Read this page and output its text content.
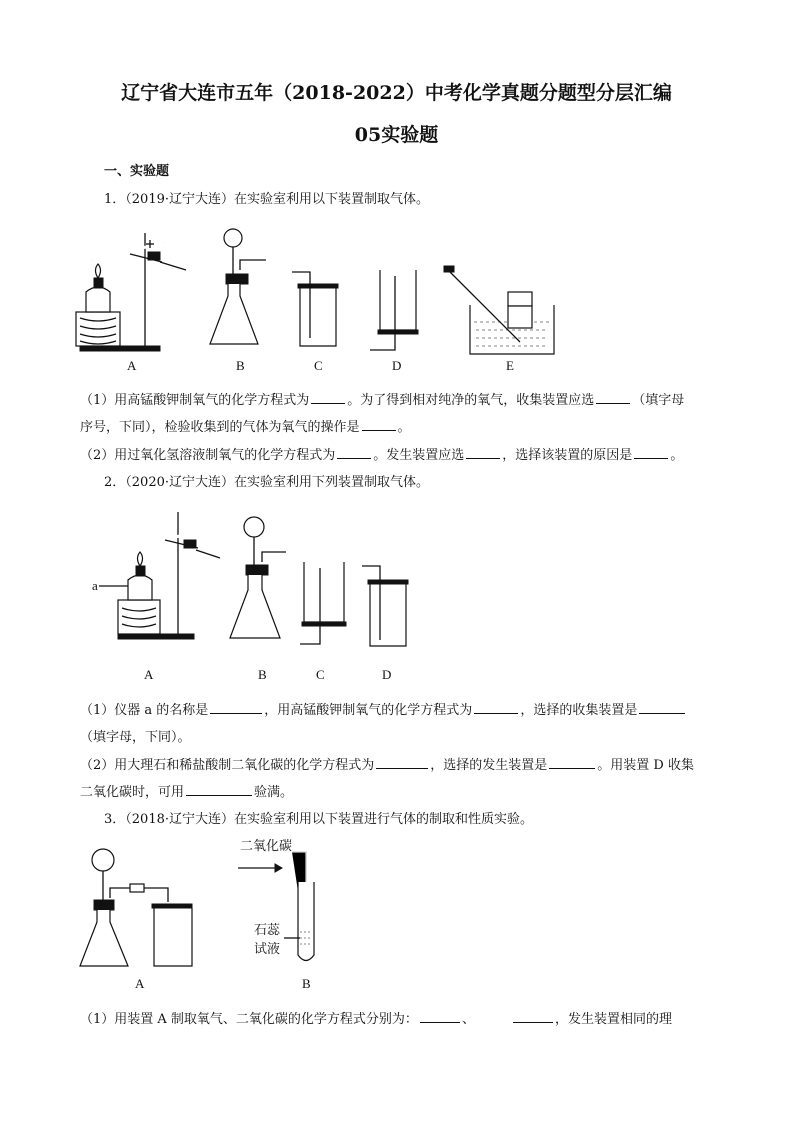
辽宁省大连市五年（2018-2022）中考化学真题分题型分层汇编
05实验题
一、实验题
1．（2019·辽宁大连）在实验室利用以下装置制取气体。
A	B	C	D	E
a
A	B	C	D
二氧化碳
石蕊
试液
A	B
（1）用高锰酸钾制氧气的化学方程式为	。为了得到相对纯净的氧气，收集装置应选	（填字母
序号，下同），检验收集到的气体为氧气的操作是	。
（2）用过氧化氢溶液制氧气的化学方程式为	。发生装置应选	，选择该装置的原因是	。
2．（2020·辽宁大连）在实验室利用下列装置制取气体。
（1）仪器 a 的名称是	，用高锰酸钾制氧气的化学方程式为	，选择的收集装置是
（填字母，下同）。
（2）用大理石和稀盐酸制二氧化碳的化学方程式为	，选择的发生装置是	。用装置 D 收集
二氧化碳时，可用	验满。
3．（2018·辽宁大连）在实验室利用以下装置进行气体的制取和性质实验。
（1）用装置 A 制取氧气、二氧化碳的化学方程式分别为：	、	，发生装置相同的理
